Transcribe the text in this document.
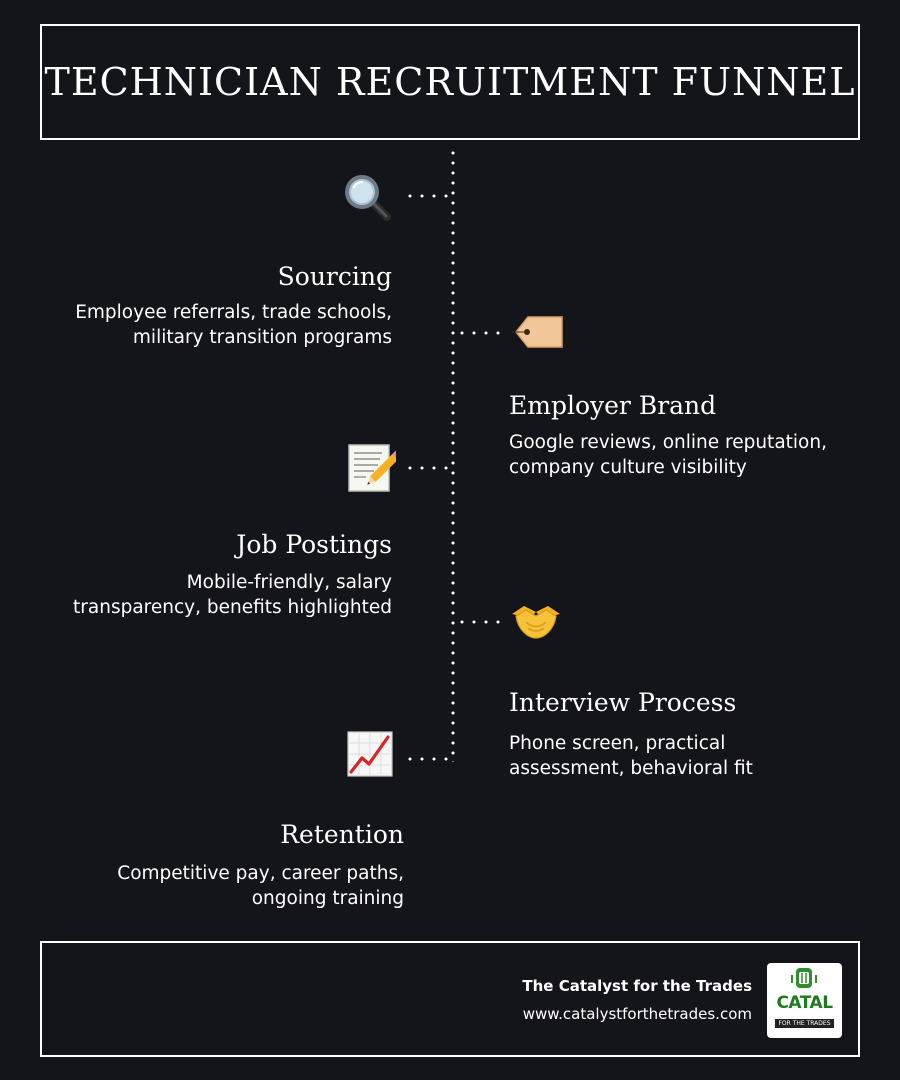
TECHNICIAN RECRUITMENT FUNNEL
Sourcing
Employee referrals, trade schools,
military transition programs
Employer Brand
Google reviews, online reputation,
company culture visibility
Job Postings
Mobile-friendly, salary
transparency, benefits highlighted
Interview Process
Phone screen, practical
assessment, behavioral fit
Retention
Competitive pay, career paths,
ongoing training
The Catalyst for the Trades
www.catalystforthetrades.com
CATAL
FOR THE TRADES
